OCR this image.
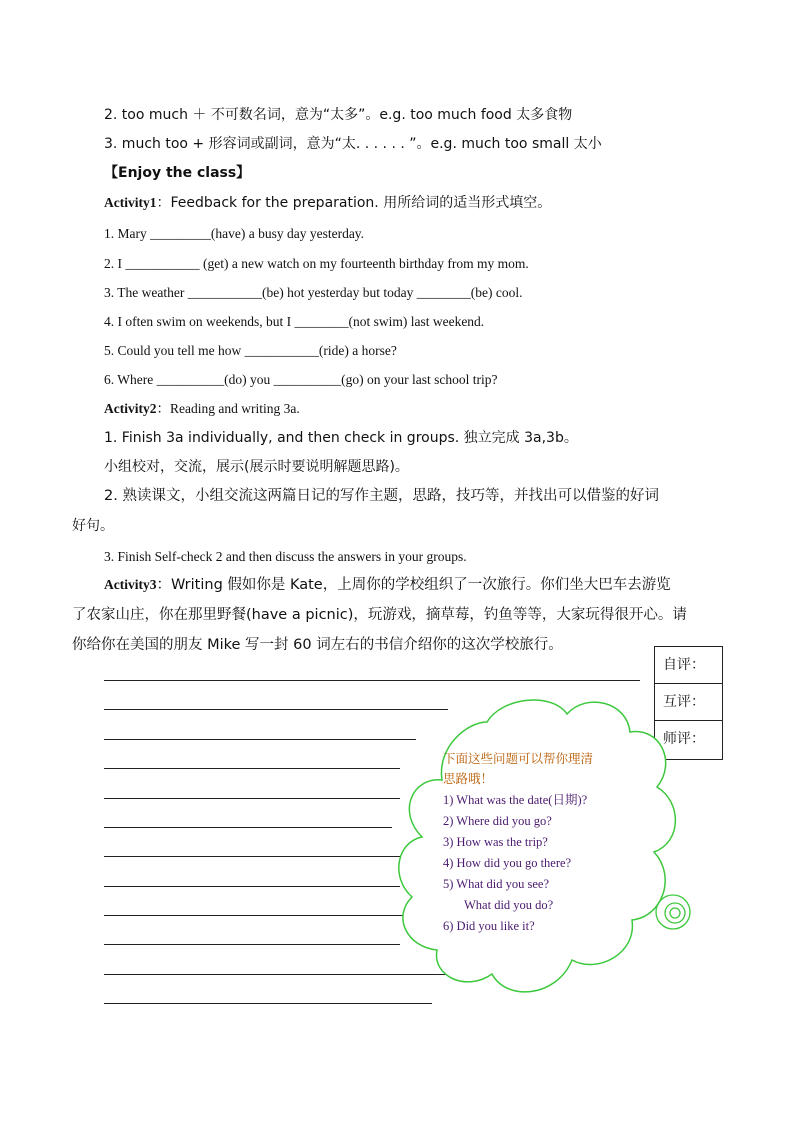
2. too much ＋ 不可数名词，意为“太多”。e.g. too much food 太多食物
3. much too + 形容词或副词，意为“太. . . . . . ”。e.g. much too small 太小
【Enjoy the class】
Activity1：Feedback for the preparation. 用所给词的适当形式填空。
1. Mary _________(have) a busy day yesterday.
2. I ___________ (get) a new watch on my fourteenth birthday from my mom.
3. The weather ___________(be) hot yesterday but today ________(be) cool.
4. I often swim on weekends, but I ________(not swim) last weekend.
5. Could you tell me how ___________(ride) a horse?
6. Where __________(do) you __________(go) on your last school trip?
Activity2：Reading and writing 3a.
1. Finish 3a individually, and then check in groups. 独立完成 3a,3b。
小组校对，交流，展示(展示时要说明解题思路)。
2. 熟读课文，小组交流这两篇日记的写作主题，思路，技巧等，并找出可以借鉴的好词
好句。
3. Finish Self-check 2 and then discuss the answers in your groups.
Activity3：Writing 假如你是 Kate，上周你的学校组织了一次旅行。你们坐大巴车去游览
了农家山庄，你在那里野餐(have a picnic)，玩游戏，摘草莓，钓鱼等等，大家玩得很开心。请
你给你在美国的朋友 Mike 写一封 60 词左右的书信介绍你的这次学校旅行。
自评：
互评：
师评：
下面这些问题可以帮你理清
思路哦！
1) What was the date(日期)?
2) Where did you go?
3) How was the trip?
4) How did you go there?
5) What did you see?
What did you do?
6) Did you like it?
